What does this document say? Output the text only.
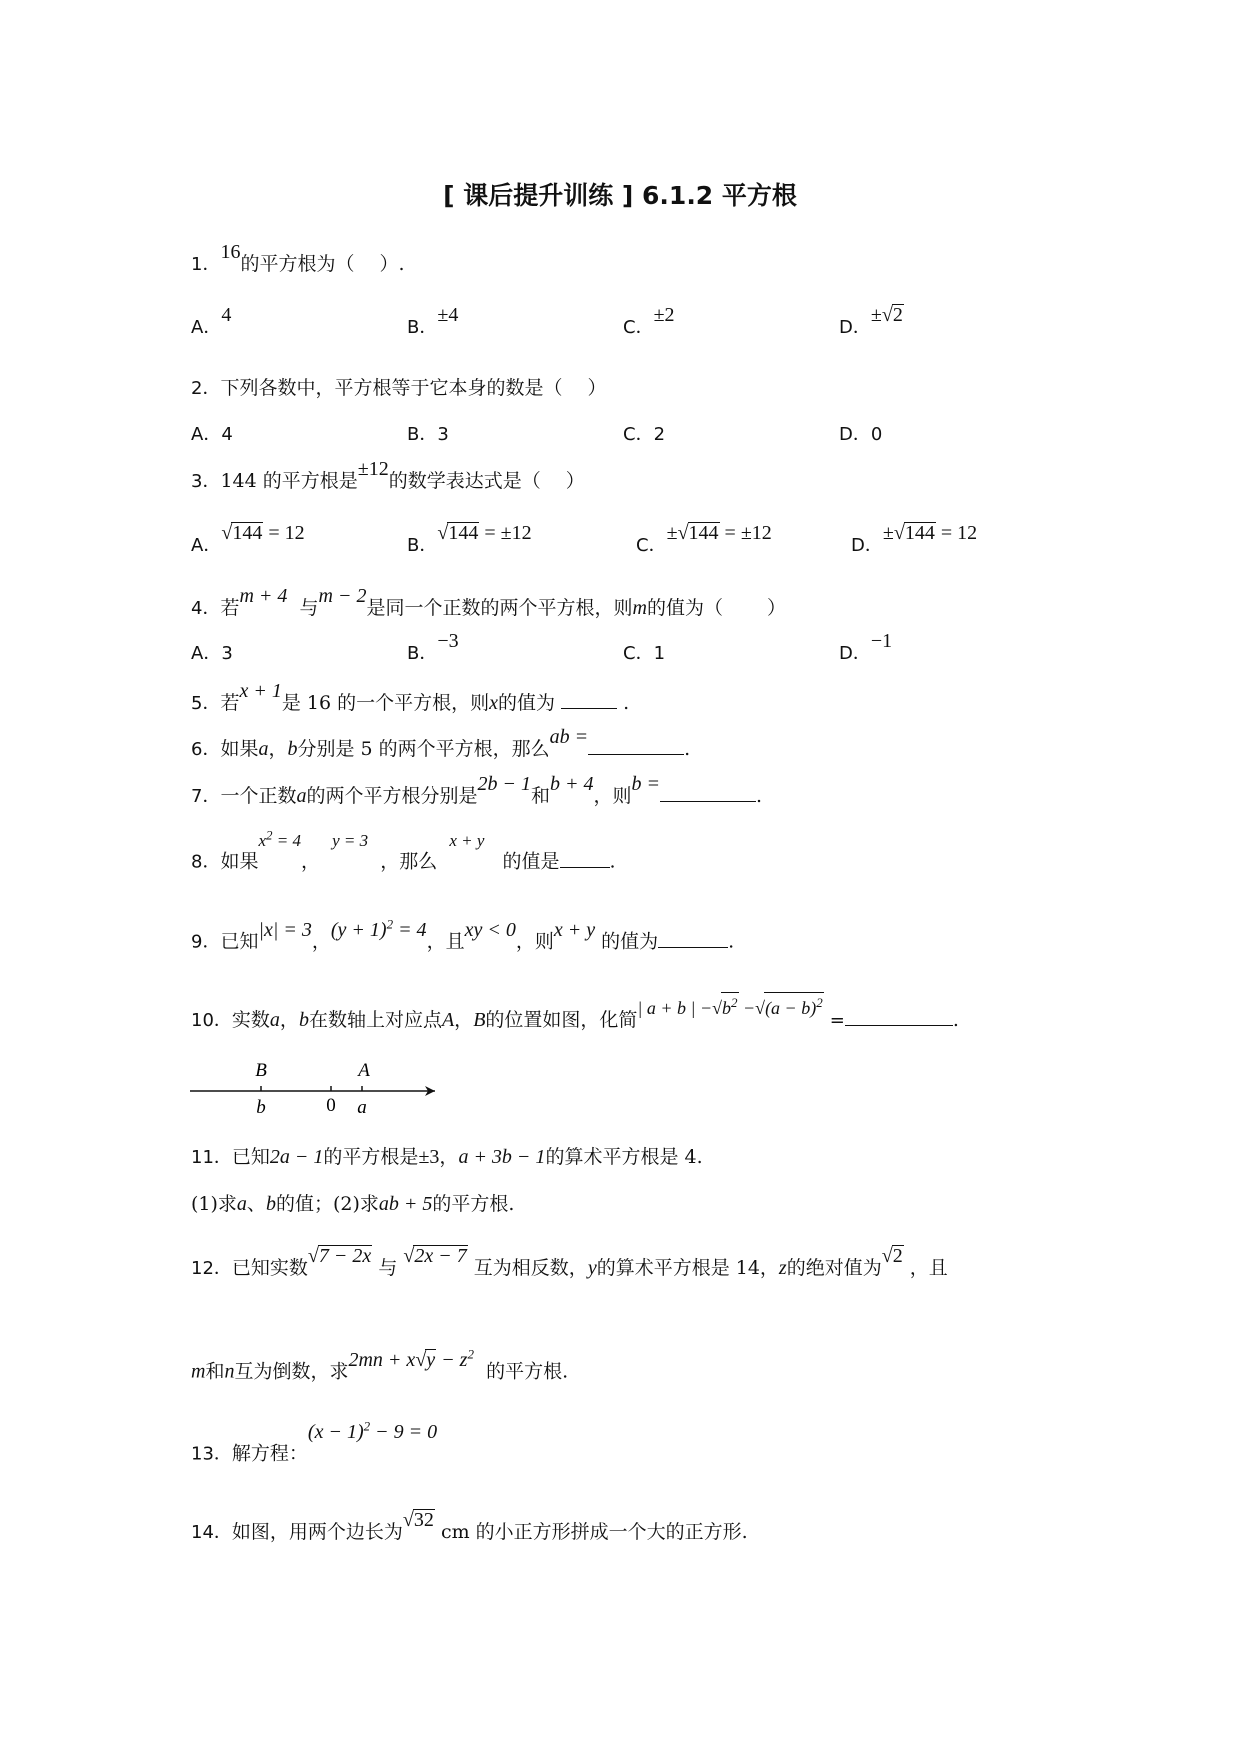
[ 课后提升训练 ] 6.1.2 平方根
1．16的平方根为（　 ）.
A．4
B．±4
C．±2
D．±√2
2．下列各数中，平方根等于它本身的数是（　 ）
A．4	B．3	C．2	D．0
3．144 的平方根是±12的数学表达式是（　 ）
A．√144 = 12
B．√144 = ±12
C．±√144 = ±12
D．±√144 = 12
4．若m + 4  与m − 2是同一个正数的两个平方根，则m的值为（　　 ）
A．3	B．−3
C．1	D．−1
5．若x + 1是 16 的一个平方根，则x的值为	.
6．如果a，b分别是 5 的两个平方根，那么ab =.
7．一个正数a的两个平方根分别是2b − 1和b + 4，则b =.
8．如果$x^2 = 4$，  y = 3  ，那么  x + y   的值是	.
9．已知|x| = 3，$(y + 1)^2 = 4$，且xy < 0，则x + y 的值为	.
10．实数a，b在数轴上对应点A，B的位置如图，化简| a + b | $-√b^2 -√(a - b)^2$ =	.
B	A
b	0 a
11．已知2a − 1的平方根是±3，a + 3b − 1的算术平方根是 4.
(1)求a、b的值；(2)求ab + 5的平方根.
12．已知实数√7 − 2x 与 √2x − 7 互为相反数，y的算术平方根是 14，z的绝对值为√2 ，且
m和n互为倒数，求$2mn + x√y - z^2$  的平方根.
13．解方程：$(x - 1)^2 - 9 = 0$
14．如图，用两个边长为√32 cm 的小正方形拼成一个大的正方形.
